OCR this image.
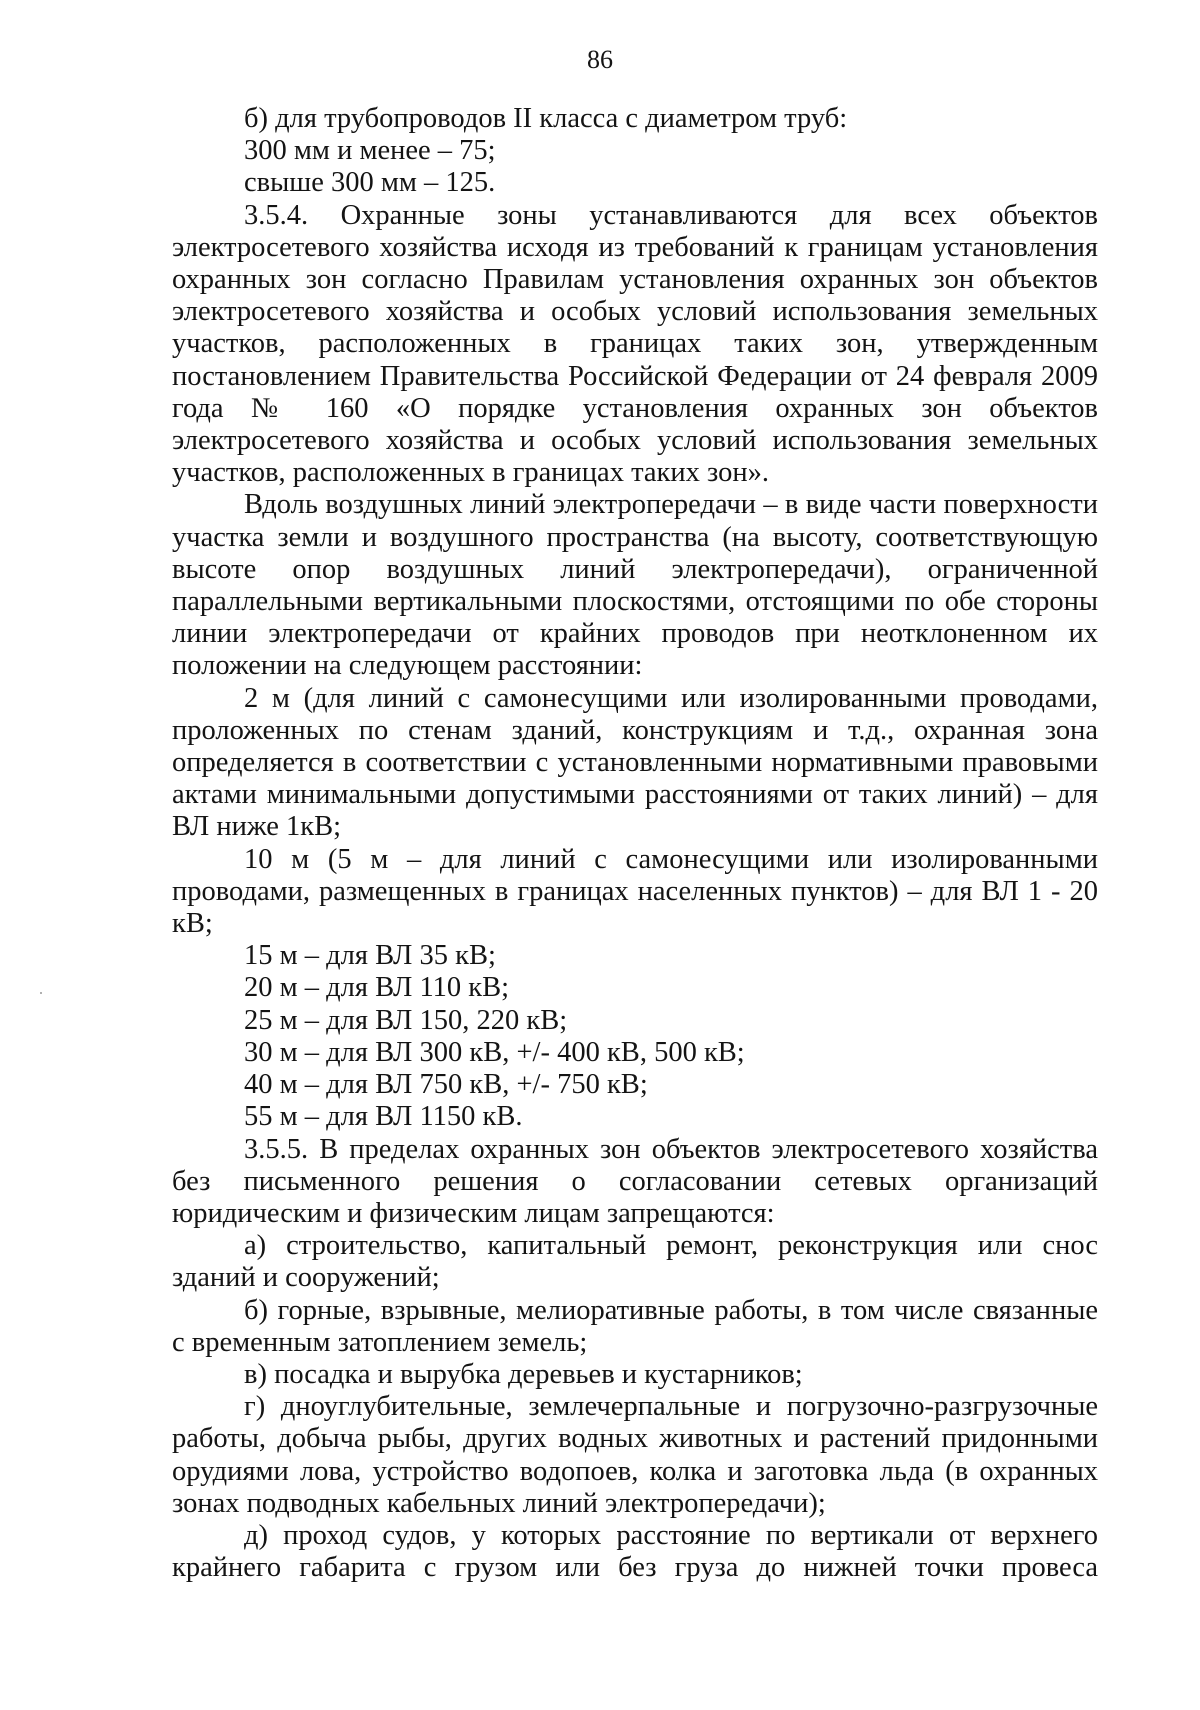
86

б) для трубопроводов II класса с диаметром труб:

300 мм и менее – 75;

свыше 300 мм – 125.

3.5.4. Охранные зоны устанавливаются для всех объектов электросетевого хозяйства исходя из требований к границам установления охранных зон согласно Правилам установления охранных зон объектов электросетевого хозяйства и особых условий использования земельных участков, расположенных в границах таких зон, утвержденным постановлением Правительства Российской Федерации от 24 февраля 2009 года № 160 «О порядке установления охранных зон объектов электросетевого хозяйства и особых условий использования земельных участков, расположенных в границах таких зон».

Вдоль воздушных линий электропередачи – в виде части поверхности участка земли и воздушного пространства (на высоту, соответствующую высоте опор воздушных линий электропередачи), ограниченной параллельными вертикальными плоскостями, отстоящими по обе стороны линии электропередачи от крайних проводов при неотклоненном их положении на следующем расстоянии:

2 м (для линий с самонесущими или изолированными проводами, проложенных по стенам зданий, конструкциям и т.д., охранная зона определяется в соответствии с установленными нормативными правовыми актами минимальными допустимыми расстояниями от таких линий) – для ВЛ ниже 1кВ;

10 м (5 м – для линий с самонесущими или изолированными проводами, размещенных в границах населенных пунктов) – для ВЛ 1 - 20 кВ;

15 м – для ВЛ 35 кВ;

20 м – для ВЛ 110 кВ;

25 м – для ВЛ 150, 220 кВ;

30 м – для ВЛ 300 кВ, +/- 400 кВ, 500 кВ;

40 м – для ВЛ 750 кВ, +/- 750 кВ;

55 м – для ВЛ 1150 кВ.

3.5.5. В пределах охранных зон объектов электросетевого хозяйства без письменного решения о согласовании сетевых организаций юридическим и физическим лицам запрещаются:

а) строительство, капитальный ремонт, реконструкция или снос зданий и сооружений;

б) горные, взрывные, мелиоративные работы, в том числе связанные с временным затоплением земель;

в) посадка и вырубка деревьев и кустарников;

г) дноуглубительные, землечерпальные и погрузочно-разгрузочные работы, добыча рыбы, других водных животных и растений придонными орудиями лова, устройство водопоев, колка и заготовка льда (в охранных зонах подводных кабельных линий электропередачи);

д) проход судов, у которых расстояние по вертикали от верхнего крайнего габарита с грузом или без груза до нижней точки провеса
